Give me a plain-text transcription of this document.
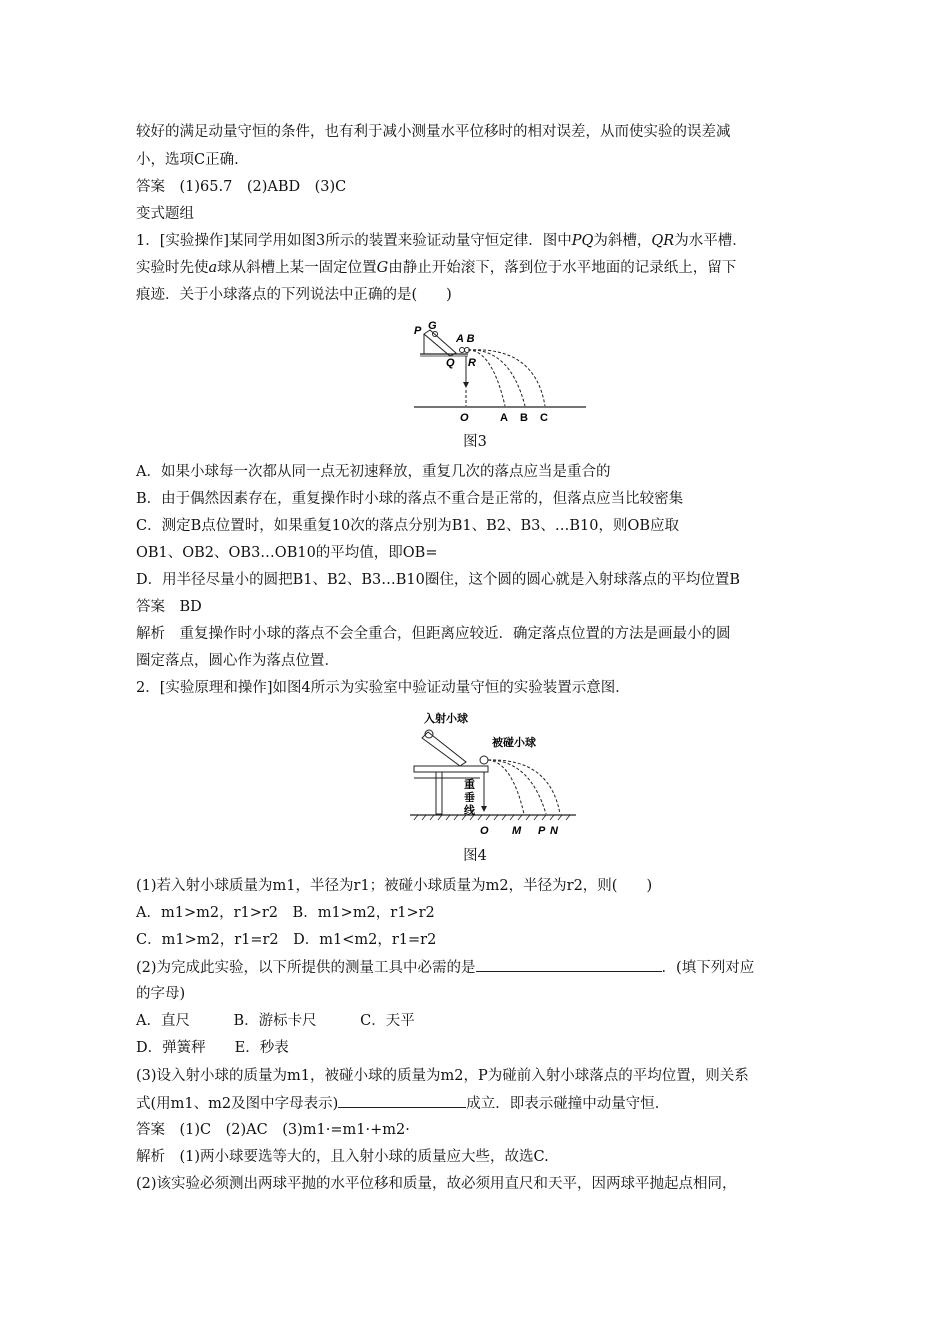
较好的满足动量守恒的条件，也有利于减小测量水平位移时的相对误差，从而使实验的误差减
小，选项C正确.
答案　(1)65.7　(2)ABD　(3)C
变式题组
1．[实验操作]某同学用如图3所示的装置来验证动量守恒定律．图中PQ为斜槽，QR为水平槽．
实验时先使a球从斜槽上某一固定位置G由静止开始滚下，落到位于水平地面的记录纸上，留下
痕迹．关于小球落点的下列说法中正确的是(　　)
P G
A B
Q R
O	A B C
图3
A．如果小球每一次都从同一点无初速释放，重复几次的落点应当是重合的
B．由于偶然因素存在，重复操作时小球的落点不重合是正常的，但落点应当比较密集
C．测定B点位置时，如果重复10次的落点分别为B1、B2、B3、…B10，则OB应取
OB1、OB2、OB3…OB10的平均值，即OB=
D．用半径尽量小的圆把B1、B2、B3…B10圈住，这个圆的圆心就是入射球落点的平均位置B
答案　BD
解析　重复操作时小球的落点不会全重合，但距离应较近．确定落点位置的方法是画最小的圆
圈定落点，圆心作为落点位置．
2．[实验原理和操作]如图4所示为实验室中验证动量守恒的实验装置示意图．
入射小球
被碰小球
重
垂
线
O M P N
图4
(1)若入射小球质量为m1，半径为r1；被碰小球质量为m2，半径为r2，则(　　)
A．m1>m2，r1>r2　B．m1>m2，r1>r2
C．m1>m2，r1=r2　D．m1<m2，r1=r2
(2)为完成此实验，以下所提供的测量工具中必需的是	．(填下列对应
的字母)
A．直尺　　　B．游标卡尺　　　C．天平
D．弹簧秤　　E．秒表
(3)设入射小球的质量为m1，被碰小球的质量为m2，P为碰前入射小球落点的平均位置，则关系
式(用m1、m2及图中字母表示)	成立．即表示碰撞中动量守恒．
答案　(1)C　(2)AC　(3)m1·=m1·+m2·
解析　(1)两小球要选等大的，且入射小球的质量应大些，故选C.
(2)该实验必须测出两球平抛的水平位移和质量，故必须用直尺和天平，因两球平抛起点相同，
